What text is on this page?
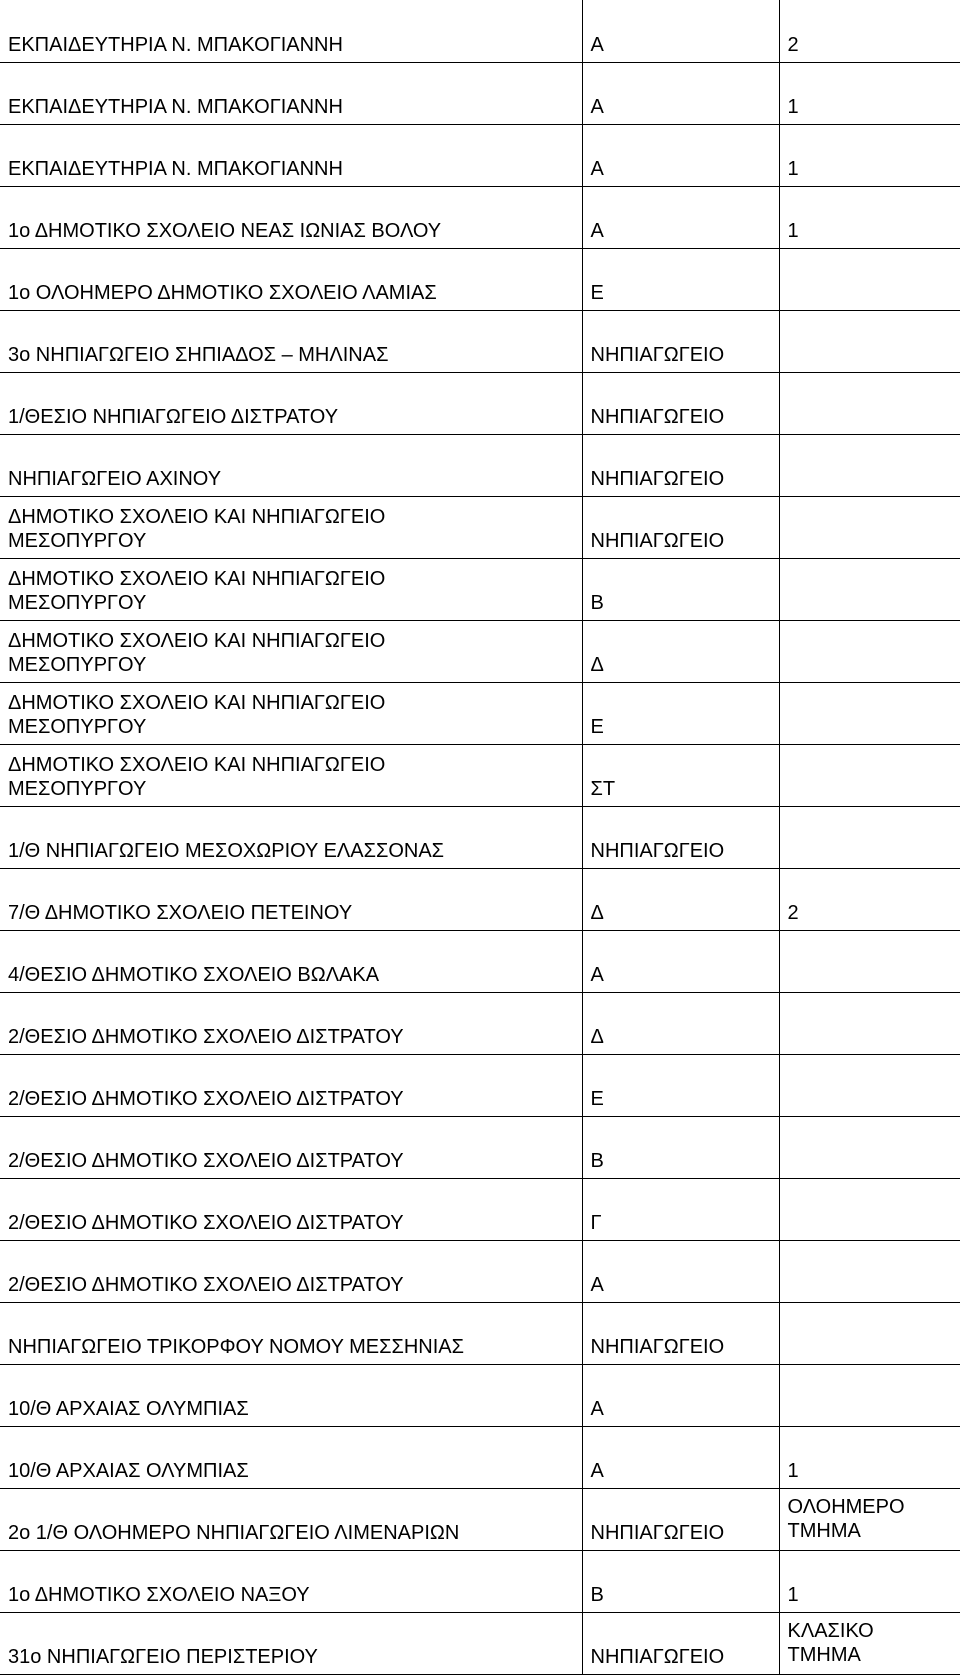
ΕΚΠΑΙΔΕΥΤΗΡΙΑ Ν. ΜΠΑΚΟΓΙΑΝΝΗ	Α	2
ΕΚΠΑΙΔΕΥΤΗΡΙΑ Ν. ΜΠΑΚΟΓΙΑΝΝΗ	Α	1
ΕΚΠΑΙΔΕΥΤΗΡΙΑ Ν. ΜΠΑΚΟΓΙΑΝΝΗ	Α	1
1ο ΔΗΜΟΤΙΚΟ ΣΧΟΛΕΙΟ ΝΕΑΣ ΙΩΝΙΑΣ ΒΟΛΟΥ	Α	1
1ο ΟΛΟΗΜΕΡΟ ΔΗΜΟΤΙΚΟ ΣΧΟΛΕΙΟ ΛΑΜΙΑΣ	Ε	
3ο ΝΗΠΙΑΓΩΓΕΙΟ ΣΗΠΙΑΔΟΣ – ΜΗΛΙΝΑΣ	ΝΗΠΙΑΓΩΓΕΙΟ	
1/ΘΕΣΙΟ ΝΗΠΙΑΓΩΓΕΙΟ ΔΙΣΤΡΑΤΟΥ	ΝΗΠΙΑΓΩΓΕΙΟ	
ΝΗΠΙΑΓΩΓΕΙΟ ΑΧΙΝΟΥ	ΝΗΠΙΑΓΩΓΕΙΟ	
ΔΗΜΟΤΙΚΟ ΣΧΟΛΕΙΟ ΚΑΙ ΝΗΠΙΑΓΩΓΕΙΟ
ΜΕΣΟΠΥΡΓΟΥ	ΝΗΠΙΑΓΩΓΕΙΟ	
ΔΗΜΟΤΙΚΟ ΣΧΟΛΕΙΟ ΚΑΙ ΝΗΠΙΑΓΩΓΕΙΟ
ΜΕΣΟΠΥΡΓΟΥ	Β	
ΔΗΜΟΤΙΚΟ ΣΧΟΛΕΙΟ ΚΑΙ ΝΗΠΙΑΓΩΓΕΙΟ
ΜΕΣΟΠΥΡΓΟΥ	Δ	
ΔΗΜΟΤΙΚΟ ΣΧΟΛΕΙΟ ΚΑΙ ΝΗΠΙΑΓΩΓΕΙΟ
ΜΕΣΟΠΥΡΓΟΥ	Ε	
ΔΗΜΟΤΙΚΟ ΣΧΟΛΕΙΟ ΚΑΙ ΝΗΠΙΑΓΩΓΕΙΟ
ΜΕΣΟΠΥΡΓΟΥ	ΣΤ	
1/Θ ΝΗΠΙΑΓΩΓΕΙΟ ΜΕΣΟΧΩΡΙΟΥ ΕΛΑΣΣΟΝΑΣ	ΝΗΠΙΑΓΩΓΕΙΟ	
7/Θ ΔΗΜΟΤΙΚΟ ΣΧΟΛΕΙΟ ΠΕΤΕΙΝΟΥ	Δ	2
4/ΘΕΣΙΟ ΔΗΜΟΤΙΚΟ ΣΧΟΛΕΙΟ ΒΩΛΑΚΑ	Α	
2/ΘΕΣΙΟ ΔΗΜΟΤΙΚΟ ΣΧΟΛΕΙΟ ΔΙΣΤΡΑΤΟΥ	Δ	
2/ΘΕΣΙΟ ΔΗΜΟΤΙΚΟ ΣΧΟΛΕΙΟ ΔΙΣΤΡΑΤΟΥ	Ε	
2/ΘΕΣΙΟ ΔΗΜΟΤΙΚΟ ΣΧΟΛΕΙΟ ΔΙΣΤΡΑΤΟΥ	Β	
2/ΘΕΣΙΟ ΔΗΜΟΤΙΚΟ ΣΧΟΛΕΙΟ ΔΙΣΤΡΑΤΟΥ	Γ	
2/ΘΕΣΙΟ ΔΗΜΟΤΙΚΟ ΣΧΟΛΕΙΟ ΔΙΣΤΡΑΤΟΥ	Α	
ΝΗΠΙΑΓΩΓΕΙΟ ΤΡΙΚΟΡΦΟΥ ΝΟΜΟΥ ΜΕΣΣΗΝΙΑΣ	ΝΗΠΙΑΓΩΓΕΙΟ	
10/Θ ΑΡΧΑΙΑΣ ΟΛΥΜΠΙΑΣ	Α	
10/Θ ΑΡΧΑΙΑΣ ΟΛΥΜΠΙΑΣ	Α	1
2ο 1/Θ ΟΛΟΗΜΕΡΟ ΝΗΠΙΑΓΩΓΕΙΟ ΛΙΜΕΝΑΡΙΩΝ	ΝΗΠΙΑΓΩΓΕΙΟ	ΟΛΟΗΜΕΡΟ
ΤΜΗΜΑ
1ο ΔΗΜΟΤΙΚΟ ΣΧΟΛΕΙΟ ΝΑΞΟΥ	Β	1
31ο ΝΗΠΙΑΓΩΓΕΙΟ ΠΕΡΙΣΤΕΡΙΟΥ	ΝΗΠΙΑΓΩΓΕΙΟ	ΚΛΑΣΙΚΟ
ΤΜΗΜΑ
